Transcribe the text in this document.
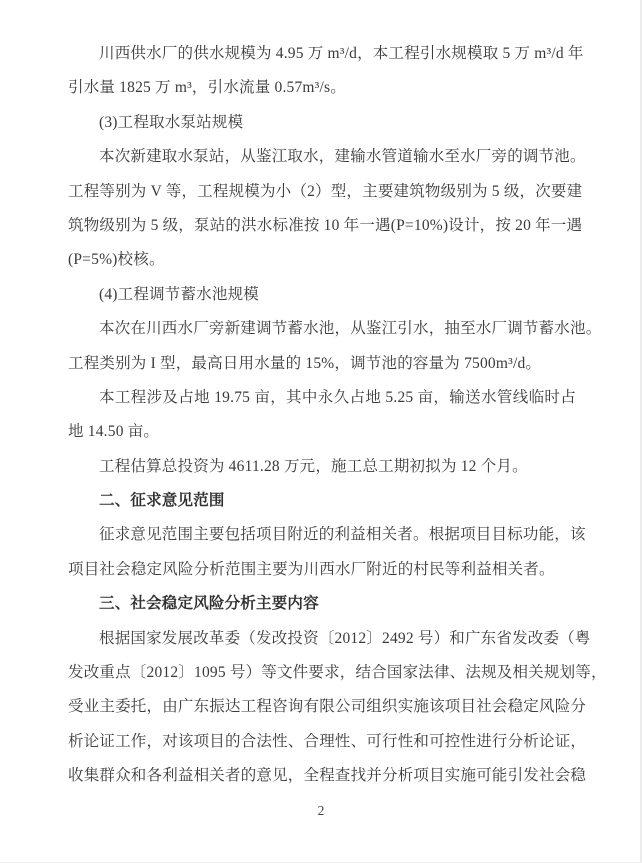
川西供水厂的供水规模为 4.95 万 m³/d，本工程引水规模取 5 万 m³/d 年
引水量 1825 万 m³，引水流量 0.57m³/s。
(3)工程取水泵站规模
本次新建取水泵站，从鉴江取水，建输水管道输水至水厂旁的调节池。
工程等别为 V 等，工程规模为小（2）型，主要建筑物级别为 5 级，次要建
筑物级别为 5 级，泵站的洪水标准按 10 年一遇(P=10%)设计，按 20 年一遇
(P=5%)校核。
(4)工程调节蓄水池规模
本次在川西水厂旁新建调节蓄水池，从鉴江引水，抽至水厂调节蓄水池。
工程类别为 I 型，最高日用水量的 15%，调节池的容量为 7500m³/d。
本工程涉及占地 19.75 亩，其中永久占地 5.25 亩，输送水管线临时占
地 14.50 亩。
工程估算总投资为 4611.28 万元，施工总工期初拟为 12 个月。
二、征求意见范围
征求意见范围主要包括项目附近的利益相关者。根据项目目标功能，该
项目社会稳定风险分析范围主要为川西水厂附近的村民等利益相关者。
三、社会稳定风险分析主要内容
根据国家发展改革委（发改投资〔2012〕2492 号）和广东省发改委（粤
发改重点〔2012〕1095 号）等文件要求，结合国家法律、法规及相关规划等，
受业主委托，由广东振达工程咨询有限公司组织实施该项目社会稳定风险分
析论证工作，对该项目的合法性、合理性、可行性和可控性进行分析论证，
收集群众和各利益相关者的意见，全程查找并分析项目实施可能引发社会稳
2
